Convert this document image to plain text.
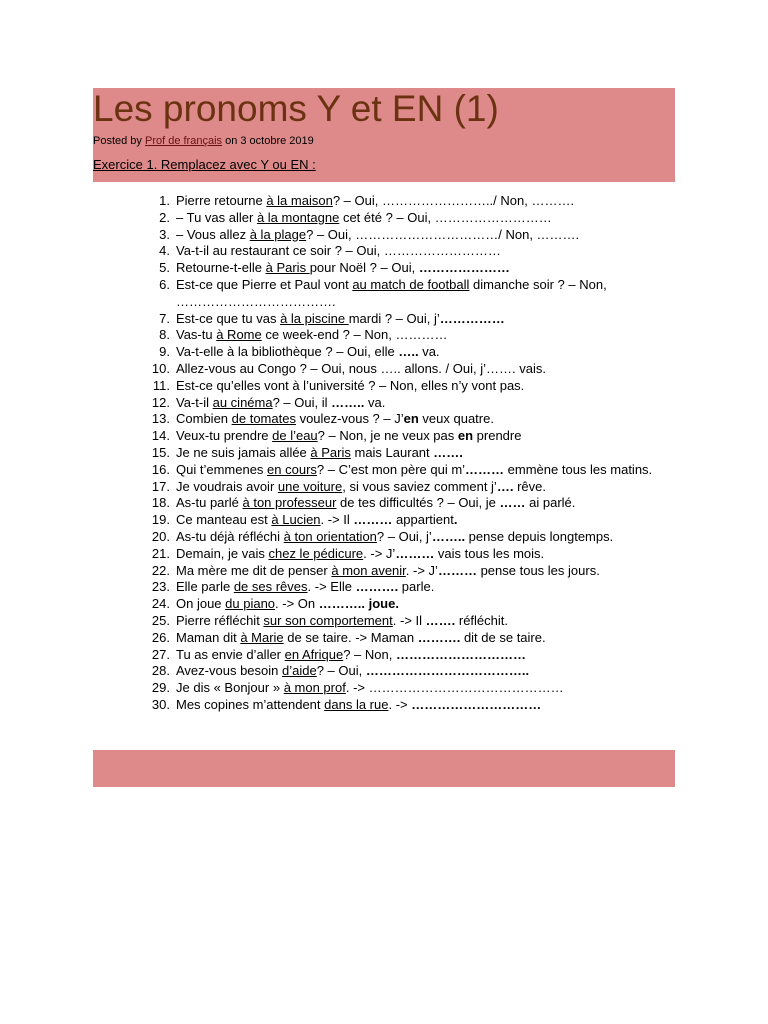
Les pronoms Y et EN (1)
Posted by Prof de français on 3 octobre 2019
Exercice 1. Remplacez avec Y ou EN :
1. Pierre retourne à la maison? – Oui, ……………………../ Non, ……….
2. – Tu vas aller à la montagne cet été ? – Oui, ………………………
3. – Vous allez à la plage? – Oui, ……………………………/ Non, ……….
4. Va-t-il au restaurant ce soir ? – Oui, ………………………
5. Retourne-t-elle à Paris pour Noël ? – Oui, …………………
6. Est-ce que Pierre et Paul vont au match de football dimanche soir ? – Non, ……………………………….
7. Est-ce que tu vas à la piscine mardi ? – Oui, j’……………
8. Vas-tu à Rome ce week-end ? – Non, …………
9. Va-t-elle à la bibliothèque ? – Oui, elle ….. va.
10. Allez-vous au Congo ? – Oui, nous ….. allons. / Oui, j’……. vais.
11. Est-ce qu’elles vont à l’université ? – Non, elles n’y vont pas.
12. Va-t-il au cinéma? – Oui, il …….. va.
13. Combien de tomates voulez-vous ? – J’en veux quatre.
14. Veux-tu prendre de l’eau? – Non, je ne veux pas en prendre
15. Je ne suis jamais allée à Paris mais Laurant …….
16. Qui t’emmenes en cours? – C’est mon père qui m’……… emmène tous les matins.
17. Je voudrais avoir une voiture, si vous saviez comment j’…. rêve.
18. As-tu parlé à ton professeur de tes difficultés ? – Oui, je …… ai parlé.
19. Ce manteau est à Lucien. -> Il ……… appartient.
20. As-tu déjà réfléchi à ton orientation? – Oui, j’…….. pense depuis longtemps.
21. Demain, je vais chez le pédicure. -> J’……… vais tous les mois.
22. Ma mère me dit de penser à mon avenir. -> J’……… pense tous les jours.
23. Elle parle de ses rêves. -> Elle ………. parle.
24. On joue du piano. -> On ……….. joue.
25. Pierre réfléchit sur son comportement. -> Il ……. réfléchit.
26. Maman dit à Marie de se taire. -> Maman ………. dit de se taire.
27. Tu as envie d’aller en Afrique? – Non, …………………………
28. Avez-vous besoin d’aide? – Oui, ………………………………..
29. Je dis « Bonjour » à mon prof. -> ………………………………………
30. Mes copines m’attendent dans la rue. -> …………………………
